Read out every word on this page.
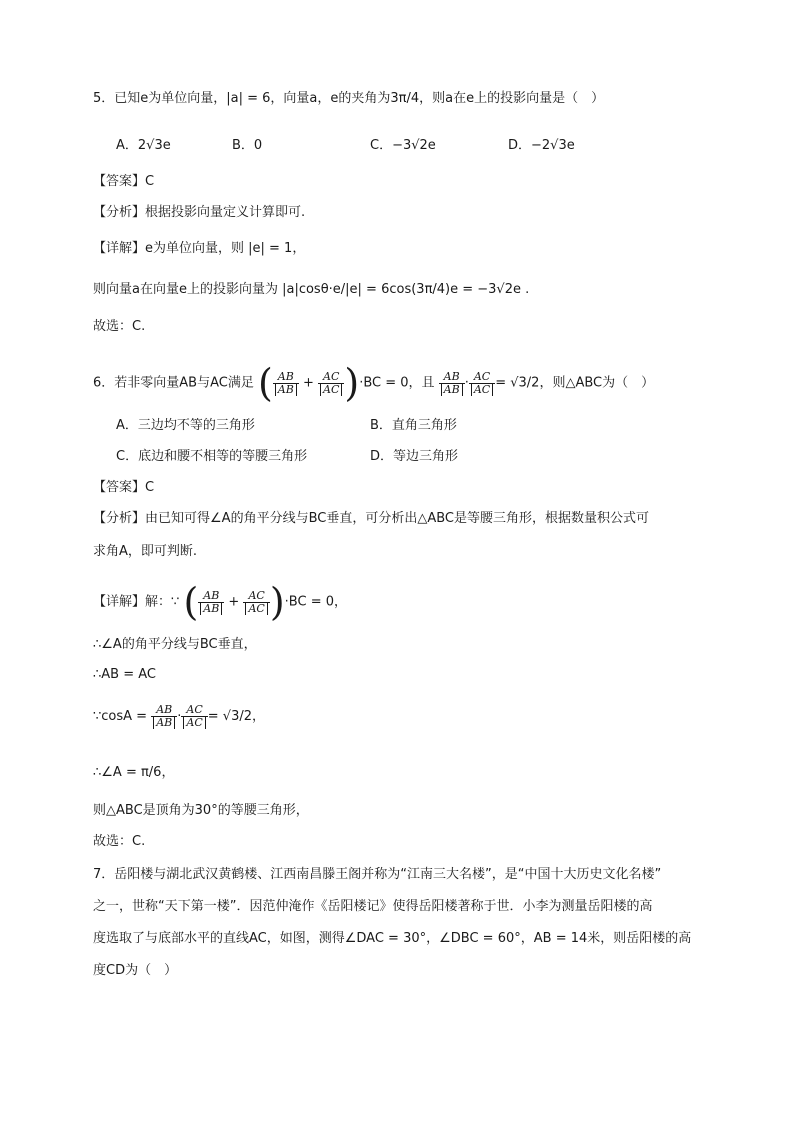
5．已知e为单位向量，|a| = 6，向量a，e的夹角为3π/4，则a在e上的投影向量是（　）
A．2√3e	B．0	C．−3√2e	D．−2√3e
【答案】C
【分析】根据投影向量定义计算即可.
【详解】e为单位向量，则 |e| = 1，
则向量a在向量e上的投影向量为 |a|cosθ·e/|e| = 6cos(3π/4)e = −3√2e .
故选：C.
6．若非零向量AB与AC满足 ( $\frac{AB}{AB} + \frac{AC}{AC} )\cdot BC = 0$，且 $\frac{AB}{AB} \cdot \frac{AC}{AC} = √3/2$，则△ABC为（　）
A．三边均不等的三角形	B．直角三角形
C．底边和腰不相等的等腰三角形	D．等边三角形
【答案】C
【分析】由已知可得∠A的角平分线与BC垂直，可分析出△ABC是等腰三角形，根据数量积公式可
求角A，即可判断.
【详解】解：∵ ( $\frac{AB}{AB} + \frac{AC}{AC} )\cdot BC = 0$，
∴∠A的角平分线与BC垂直，
∴AB = AC
∵cosA = $\frac{AB}{AB} \cdot \frac{AC}{AC} = √3/2$，
∴∠A = π/6，
则△ABC是顶角为30°的等腰三角形，
故选：C.
7．岳阳楼与湖北武汉黄鹤楼、江西南昌滕王阁并称为“江南三大名楼”，是“中国十大历史文化名楼”
之一，世称“天下第一楼”．因范仲淹作《岳阳楼记》使得岳阳楼著称于世．小李为测量岳阳楼的高
度选取了与底部水平的直线AC，如图，测得∠DAC = 30°，∠DBC = 60°，AB = 14米，则岳阳楼的高
度CD为（　）
